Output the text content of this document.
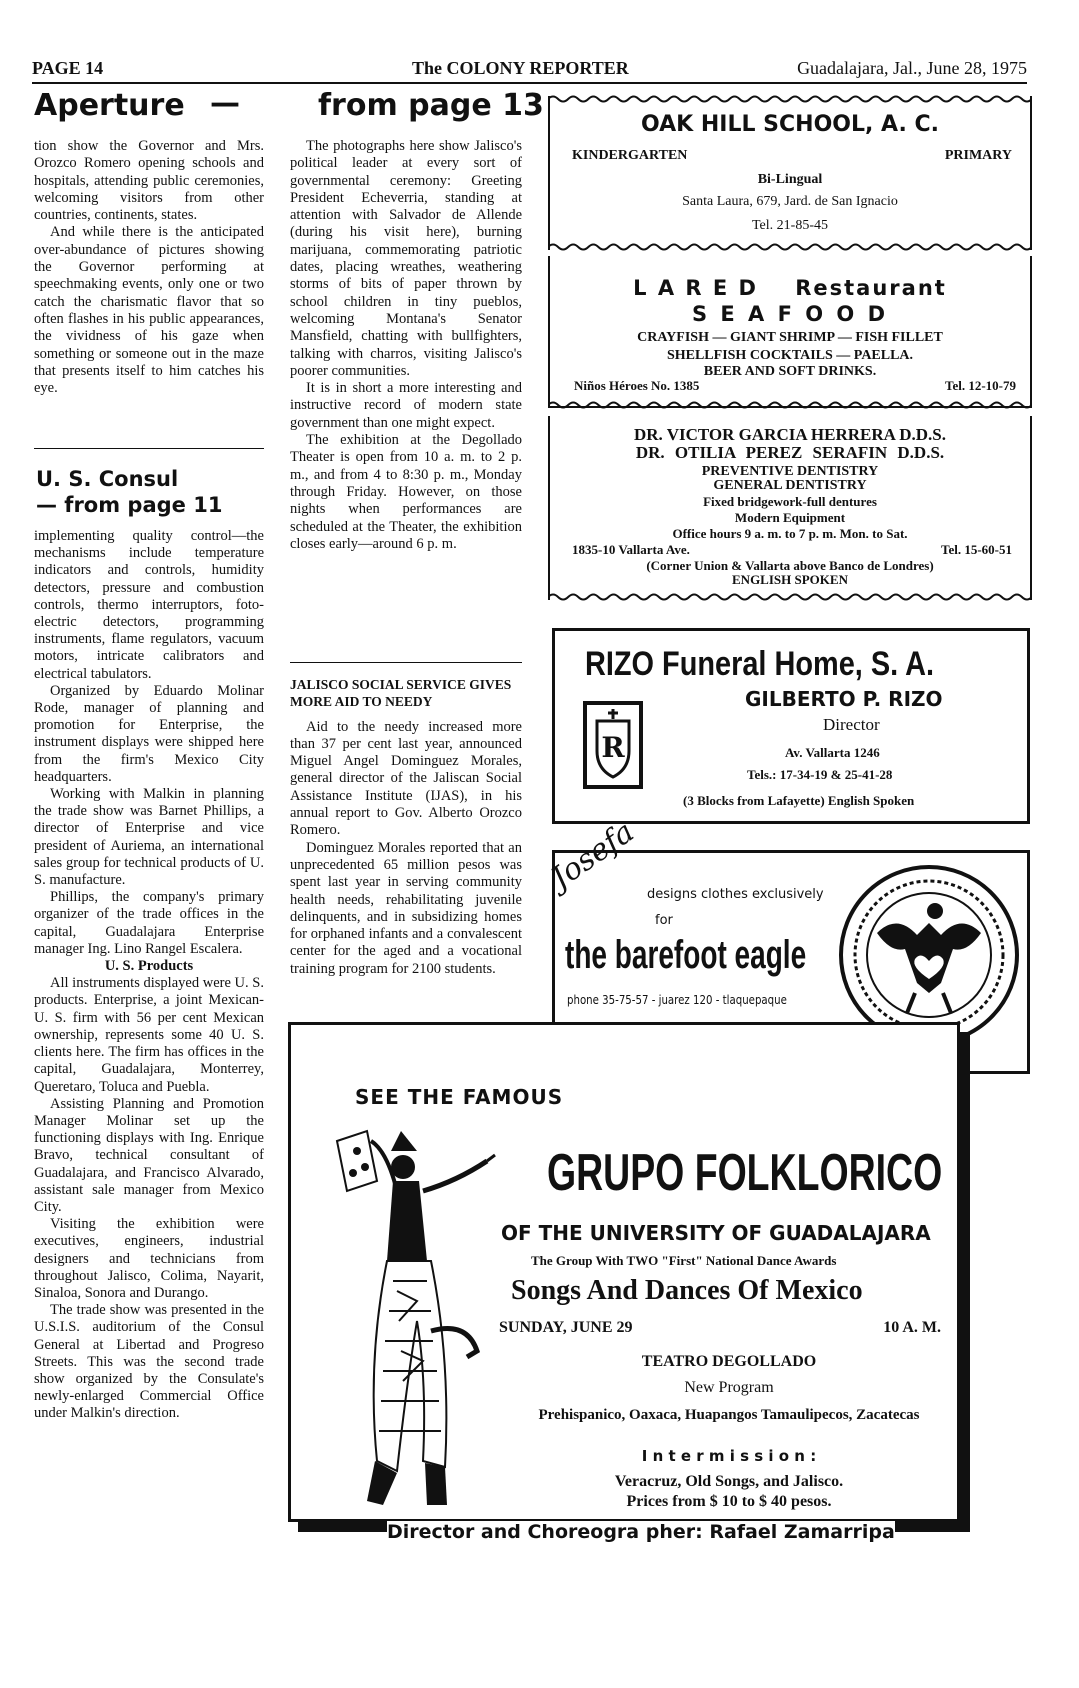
PAGE 14	The COLONY REPORTER	Guadalajara, Jal., June 28, 1975
Aperture —	from page 13

tion show the Governor and Mrs. Orozco Romero opening schools and hospitals, attending public ceremonies, welcoming visitors from other countries, continents, states.

And while there is the anticipated over-abundance of pictures showing the Governor performing at speechmaking events, only one or two catch the charismatic flavor that so often flashes in his public appearances, the vividness of his gaze when something or someone out in the maze that presents itself to him catches his eye.

U. S. Consul
— from page 11

implementing quality control—the mechanisms include temperature indicators and controls, humidity detectors, pressure and combustion controls, thermo interruptors, foto-electric detectors, programming instruments, flame regulators, vacuum motors, intricate calibrators and electrical tabulators.

Organized by Eduardo Molinar Rode, manager of planning and promotion for Enterprise, the instrument displays were shipped here from the firm's Mexico City headquarters.

Working with Malkin in planning the trade show was Barnet Phillips, a director of Enterprise and vice president of Auriema, an international sales group for technical products of U. S. manufacture.

Phillips, the company's primary organizer of the trade offices in the capital, Guadalajara Enterprise manager Ing. Lino Rangel Escalera.

U. S. Products

All instruments displayed were U. S. products. Enterprise, a joint Mexican-U. S. firm with 56 per cent Mexican ownership, represents some 40 U. S. clients here. The firm has offices in the capital, Guadalajara, Monterrey, Queretaro, Toluca and Puebla.

Assisting Planning and Promotion Manager Molinar set up the functioning displays with Ing. Enrique Bravo, technical consultant of Guadalajara, and Francisco Alvarado, assistant sale manager from Mexico City.

Visiting the exhibition were executives, engineers, industrial designers and technicians from throughout Jalisco, Colima, Nayarit, Sinaloa, Sonora and Durango.

The trade show was presented in the U.S.I.S. auditorium of the Consul General at Libertad and Progreso Streets. This was the second trade show organized by the Consulate's newly-enlarged Commercial Office under Malkin's direction.

The photographs here show Jalisco's political leader at every sort of governmental ceremony: Greeting President Echeverria, standing at attention with Salvador de Allende (during his visit here), burning marijuana, commemorating patriotic dates, placing wreathes, weathering storms of bits of paper thrown by school children in tiny pueblos, welcoming Montana's Senator Mansfield, chatting with bullfighters, talking with charros, visiting Jalisco's poorer communities.

It is in short a more interesting and instructive record of modern state government than one might expect.

The exhibition at the Degollado Theater is open from 10 a. m. to 2 p. m., and from 4 to 8:30 p. m., Monday through Friday. However, on those nights when performances are scheduled at the Theater, the exhibition closes early—around 6 p. m.

JALISCO SOCIAL SERVICE GIVES MORE AID TO NEEDY

Aid to the needy increased more than 37 per cent last year, announced Miguel Angel Dominguez Morales, general director of the Jaliscan Social Assistance Institute (IJAS), in his annual report to Gov. Alberto Orozco Romero.

Dominguez Morales reported that an unprecedented 65 million pesos was spent last year in serving community health needs, rehabilitating juvenile delinquents, and in subsidizing homes for orphaned infants and a convalescent center for the aged and a vocational training program for 2100 students.

OAK HILL SCHOOL, A. C.
KINDERGARTEN	PRIMARY
Bi-Lingual
Santa Laura, 679, Jard. de San Ignacio
Tel. 21-85-45
L A R E D Restaurant
S E A F O O D
CRAYFISH — GIANT SHRIMP — FISH FILLET
SHELLFISH COCKTAILS — PAELLA.
BEER AND SOFT DRINKS.
Niños Héroes No. 1385	Tel. 12-10-79
DR. VICTOR GARCIA HERRERA D.D.S.
DR. OTILIA PEREZ SERAFIN D.D.S.
PREVENTIVE DENTISTRY
GENERAL DENTISTRY
Fixed bridgework-full dentures
Modern Equipment
Office hours 9 a. m. to 7 p. m. Mon. to Sat.
1835-10 Vallarta Ave.	Tel. 15-60-51
(Corner Union & Vallarta above Banco de Londres)
ENGLISH SPOKEN
RIZO Funeral Home, S. A.
GILBERTO P. RIZO
Director
Av. Vallarta 1246
Tels.: 17-34-19 & 25-41-28
(3 Blocks from Lafayette) English Spoken
R
Josefa designs clothes exclusively
for
the barefoot eagle
phone 35-75-57 - juarez 120 - tlaquepaque
SEE THE FAMOUS
GRUPO FOLKLORICO
OF THE UNIVERSITY OF GUADALAJARA
The Group With TWO "First" National Dance Awards
Songs And Dances Of Mexico
SUNDAY, JUNE 29	10 A. M.
TEATRO DEGOLLADO
New Program
Prehispanico, Oaxaca, Huapangos Tamaulipecos, Zacatecas
I n t e r m i s s i o n :
Veracruz, Old Songs, and Jalisco.
Prices from $ 10 to $ 40 pesos.
Director and Choreogra pher: Rafael Zamarripa
